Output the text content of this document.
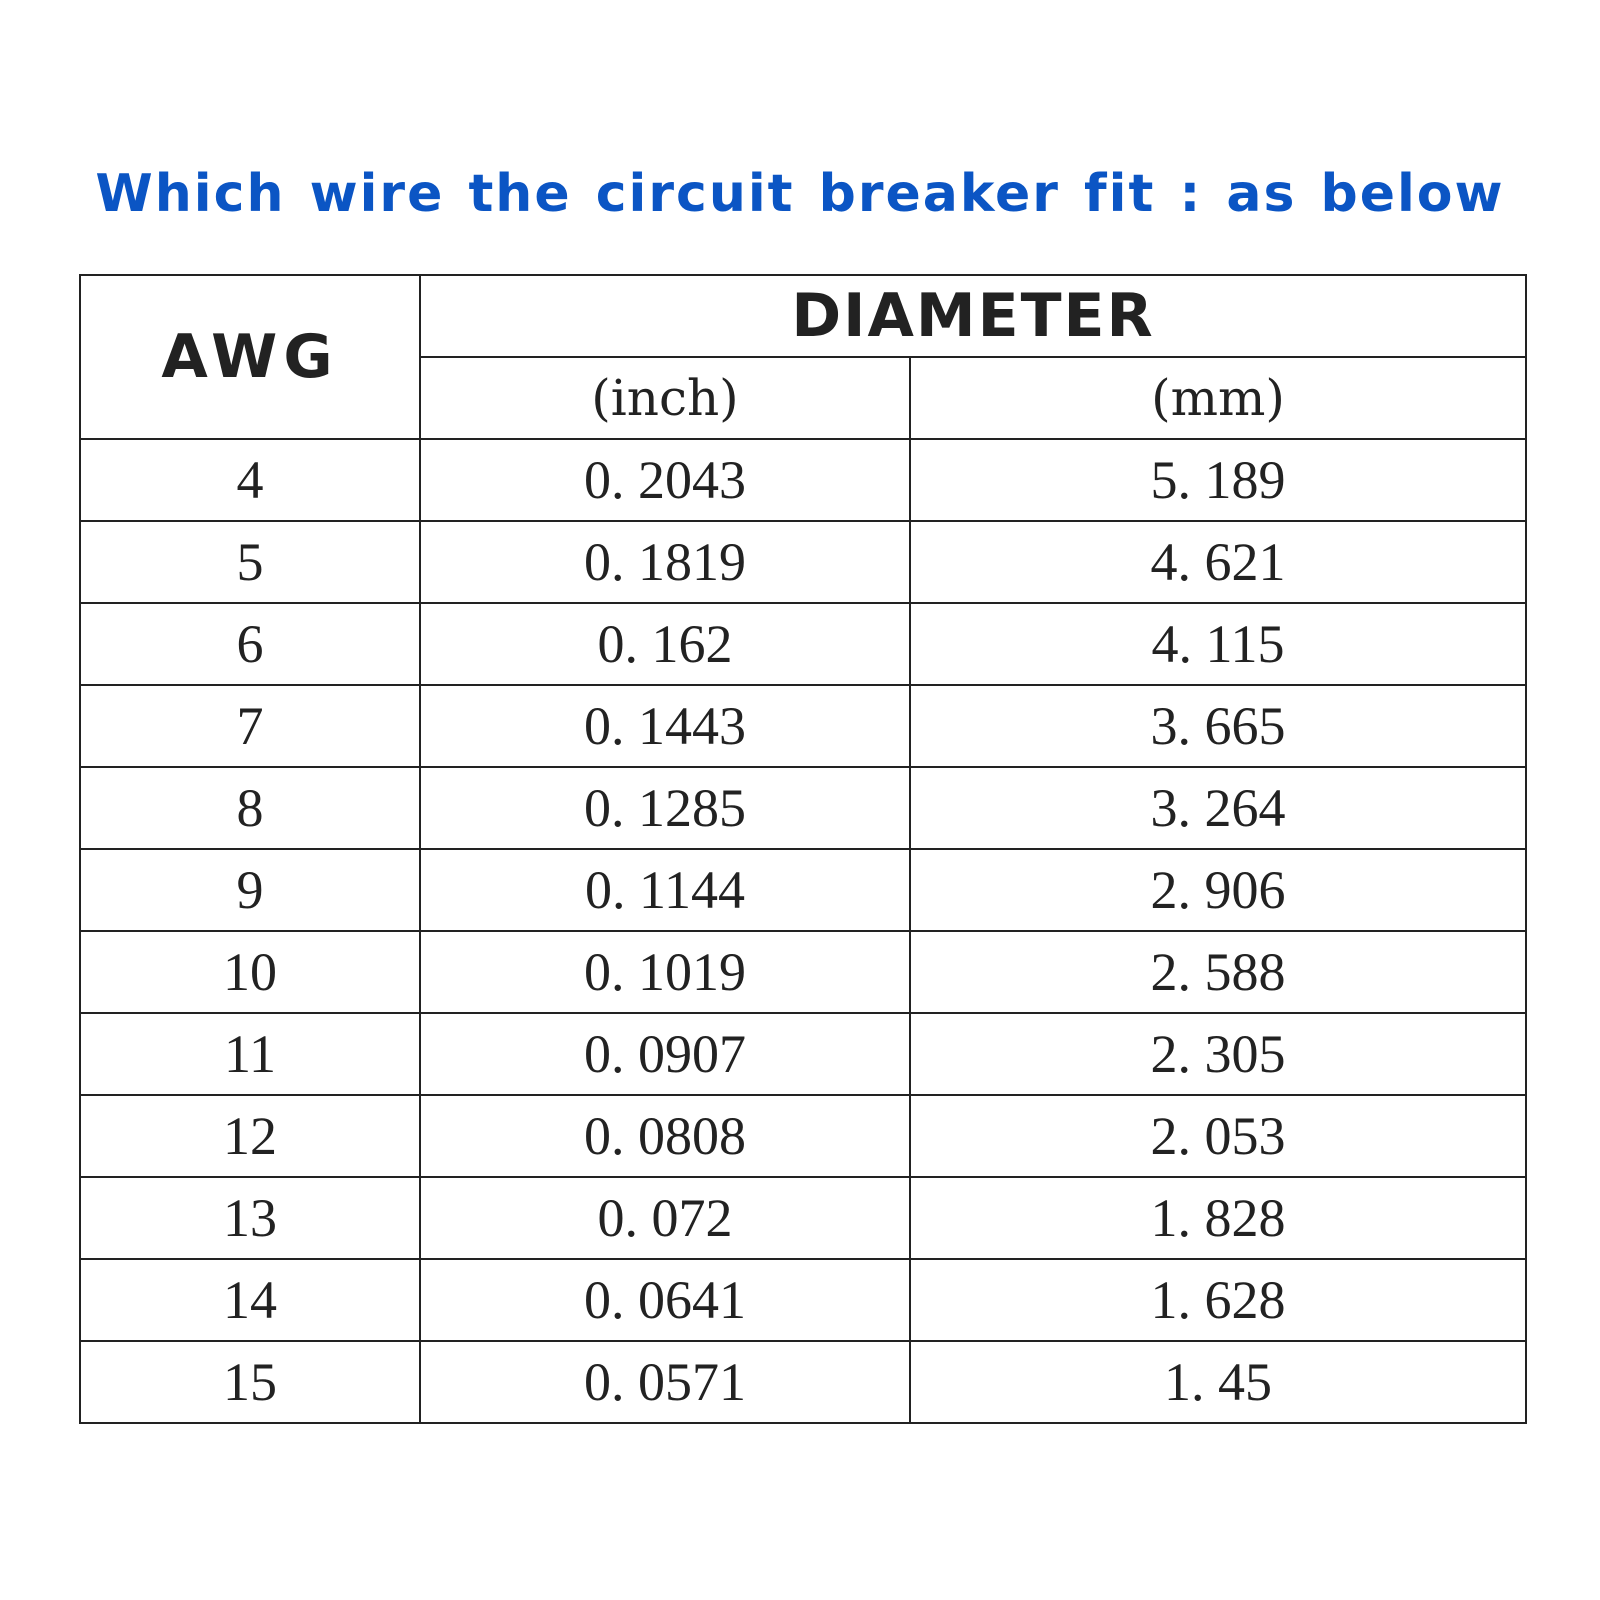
Which wire the circuit breaker fit : as below
AWG	DIAMETER	
	(inch)	(mm)
4	0. 2043	5. 189
5	0. 1819	4. 621
6	0. 162	4. 115
7	0. 1443	3. 665
8	0. 1285	3. 264
9	0. 1144	2. 906
10	0. 1019	2. 588
11	0. 0907	2. 305
12	0. 0808	2. 053
13	0. 072	1. 828
14	0. 0641	1. 628
15	0. 0571	1. 45
